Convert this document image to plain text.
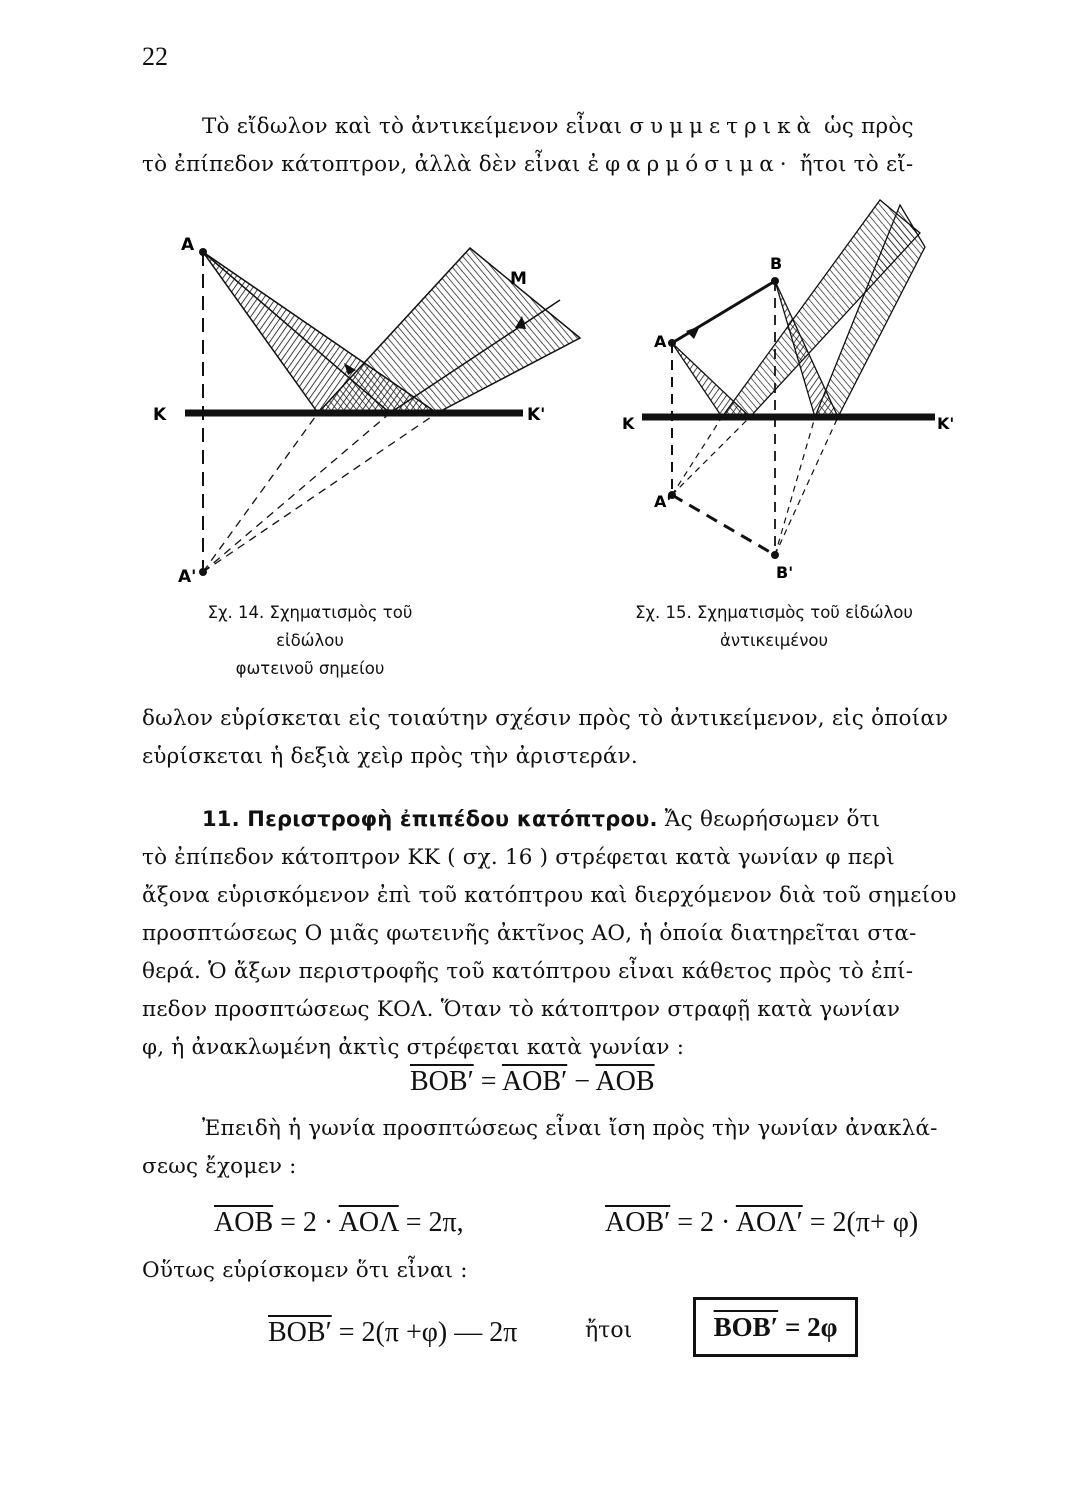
22

Τὸ εἴδωλον καὶ τὸ ἀντικείμενον εἶναι συμμετρικὰ ὡς πρὸς

τὸ ἐπίπεδον κάτοπτρον, ἀλλὰ δὲν εἶναι ἐφαρμόσιμα· ἤτοι τὸ εἴ-

A
A'
M
K	K'
A
B
A'
B'
K	K'
Σχ. 14. Σχηματισμὸς τοῦ εἰδώλου
φωτεινοῦ σημείου
Σχ. 15. Σχηματισμὸς τοῦ εἰδώλου
ἀντικειμένου

δωλον εὑρίσκεται εἰς τοιαύτην σχέσιν πρὸς τὸ ἀντικείμενον, εἰς ὁποίαν

εὑρίσκεται ἡ δεξιὰ χεὶρ πρὸς τὴν ἀριστεράν.

11. Περιστροφὴ ἐπιπέδου κατόπτρου. Ἄς θεωρήσωμεν ὅτι

τὸ ἐπίπεδον κάτοπτρον ΚΚ ( σχ. 16 ) στρέφεται κατὰ γωνίαν φ περὶ

ἄξονα εὑρισκόμενον ἐπὶ τοῦ κατόπτρου καὶ διερχόμενον διὰ τοῦ σημείου

προσπτώσεως Ο μιᾶς φωτεινῆς ἀκτῖνος ΑΟ, ἡ ὁποία διατηρεῖται στα-

θερά. Ὁ ἄξων περιστροφῆς τοῦ κατόπτρου εἶναι κάθετος πρὸς τὸ ἐπί-

πεδον προσπτώσεως ΚΟΛ. Ὅταν τὸ κάτοπτρον στραφῇ κατὰ γωνίαν

φ, ἡ ἀνακλωμένη ἀκτὶς στρέφεται κατὰ γωνίαν :

$BOB' = AOB' - \overline{AOB}$

Ἐπειδὴ ἡ γωνία προσπτώσεως εἶναι ἴση πρὸς τὴν γωνίαν ἀνακλά-

σεως ἔχομεν :

$\overline{AOB} = 2 \cdot \overline{AO\Lambda} = 2\pi$,	AOB′ = 2 · AOΛ′ = 2(π+ φ)

Οὕτως εὑρίσκομεν ὅτι εἶναι :

BOB′ = 2(π +φ) — 2π	ἤτοι	BOB′
= 2φ
